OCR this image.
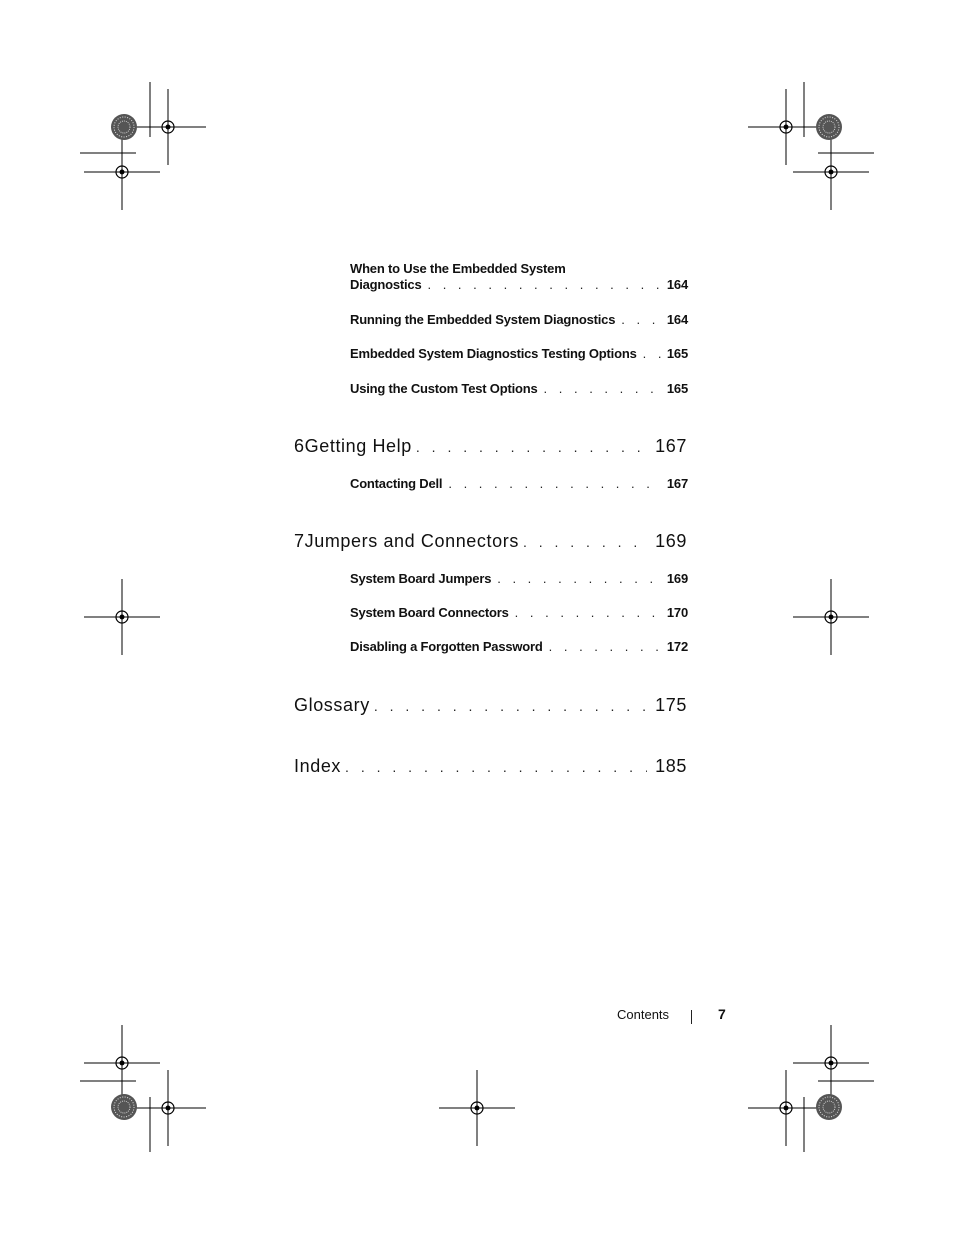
When to Use the Embedded System
Diagnostics . . .	164
Running the Embedded System Diagnostics . . .	164
Embedded System Diagnostics Testing Options . . . 165
Using the Custom Test Options . . .	165
6 Getting Help . . .	167
Contacting Dell . . .	167
7 Jumpers and Connectors . . .	169
System Board Jumpers . . .	169
System Board Connectors . . .	170
Disabling a Forgotten Password . . .	172
Glossary . . .	175
Index . . .	185
Contents	7
